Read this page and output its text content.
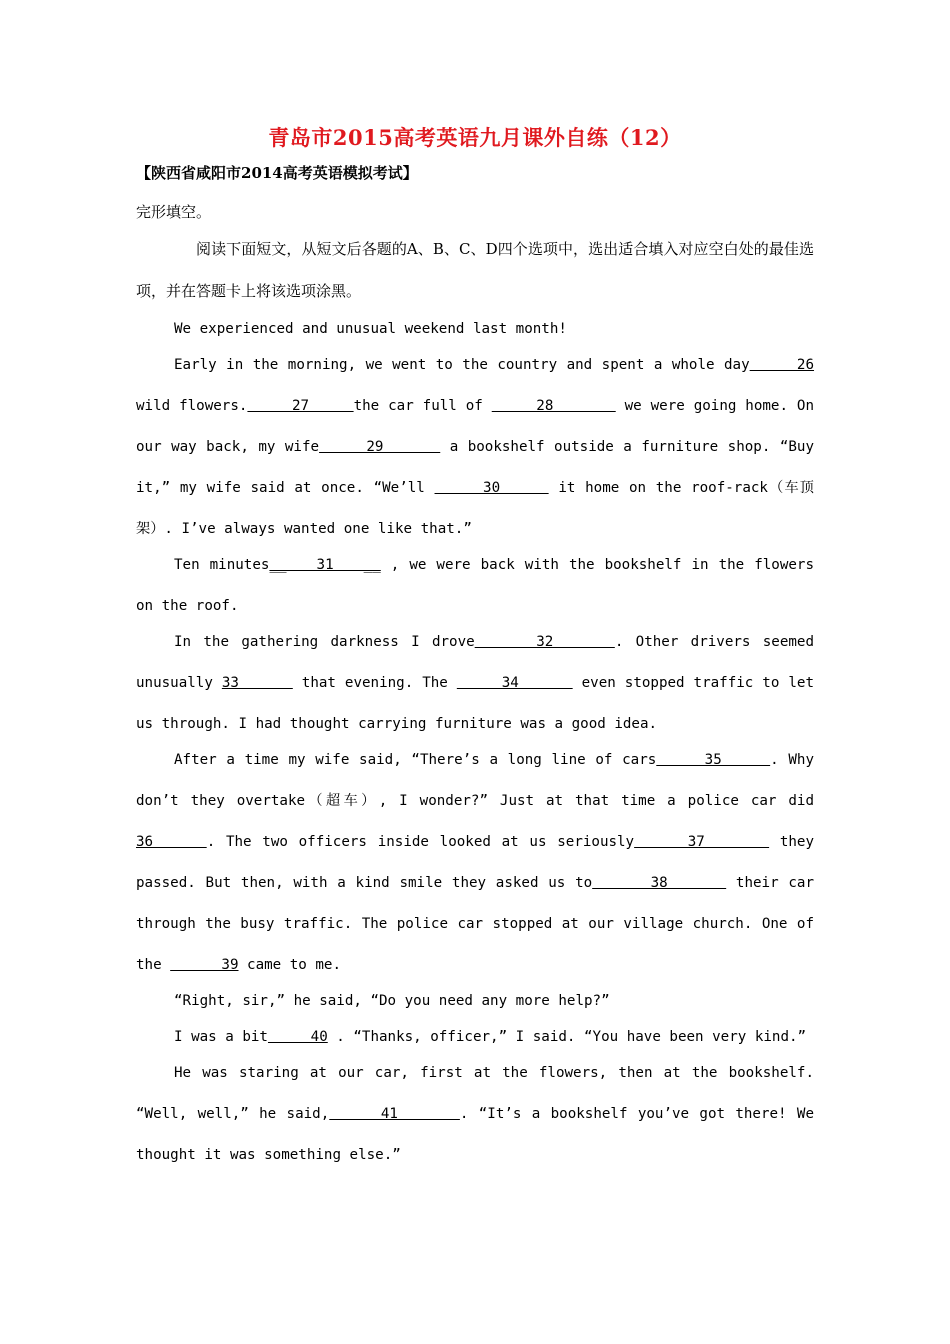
青岛市2015高考英语九月课外自练（12）
【陕西省咸阳市2014高考英语模拟考试】
完形填空。
阅读下面短文，从短文后各题的A、B、C、D四个选项中，选出适合填入对应空白处的最佳选项，并在答题卡上将该选项涂黑。

We experienced and unusual weekend last month!

Early in the morning, we went to the country and spent a whole day     26 wild flowers.     27     the car full of      28        we were going home. On our way back, my wife     29       a bookshelf outside a furniture shop. “Buy it,” my wife said at once. “We’ll      30      it home on the roof-rack（车顶架）. I’ve always wanted one like that.”

Ten minutes__   31   __ , we were back with the bookshelf in the flowers on the roof.

In the gathering darkness I drove     32     . Other drivers seemed unusually 33       that evening. The      34       even stopped traffic to let us through. I had thought carrying furniture was a good idea.

After a time my wife said, “There’s a long line of cars     35     . Why don’t they overtake（超车）, I wonder?” Just at that time a police car did 36     . The two officers inside looked at us seriously     37       they passed. But then, with a kind smile they asked us to      38       their car through the busy traffic. The police car stopped at our village church. One of the       39 came to me.

“Right, sir,” he said, “Do you need any more help?”

I was a bit     40 . “Thanks, officer,” I said. “You have been very kind.”

He was staring at our car, first at the flowers, then at the bookshelf. “Well, well,” he said,     41      . “It’s a bookshelf you’ve got there! We thought it was something else.”
